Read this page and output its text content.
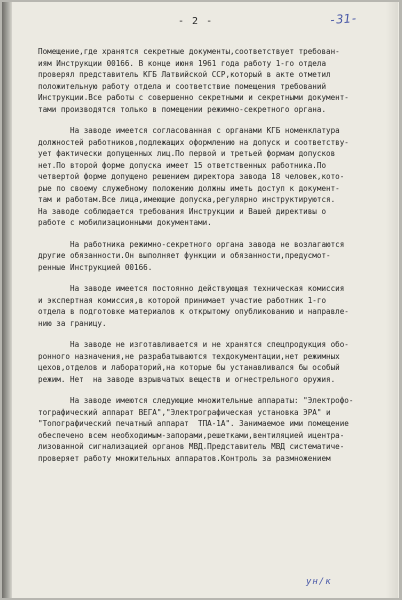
- 2 -	-31-
Помещение,где хранятся секретные документы,соответствует требован-
иям Инструкции 00166. В конце июня 1961 года работу 1-го отдела
проверял представитель КГБ Латвийской ССР,который в акте отметил
положительную работу отдела и соответствие помещения требований
Инструкции.Все работы с совершенно секретными и секретными документ-
тами производятся только в помещении режимно-секретного органа.
На заводе имеется согласованная с органами КГБ номенклатура
должностей работников,подлежащих оформлению на допуск и соответству-
ует фактически допущенных лиц.По первой и третьей формам допусков
нет.По второй форме допуска имеет 15 ответственных работника.По
четвертой форме допущено решением директора завода 18 человек,кото-
рые по своему служебному положению должны иметь доступ к документ-
там и работам.Все лица,имеющие допуска,регулярно инструктируются.
На заводе соблюдается требования Инструкции и Вашей директивы о
работе с мобилизационными документами.
На работника режимно-секретного органа завода не возлагаются
другие обязанности.Он выполняет функции и обязанности,предусмот-
ренные Инструкцией 00166.
На заводе имеется постоянно действующая техническая комиссия
и экспертная комиссия,в которой принимает участие работник 1-го
отдела в подготовке материалов к открытому опубликованию и направле-
нию за границу.
На заводе не изготавливается и не хранятся спецпродукция обо-
ронного назначения,не разрабатываются техдокументации,нет режимных
цехов,отделов и лабораторий,на которые бы устанавливался бы особый
режим. Нет  на заводе взрывчатых веществ и огнестрельного оружия.
На заводе имеются следующие множительные аппараты: "Электрофо-
тографический аппарат ВЕГА","Электрографическая установка ЭРА" и
"Топографический печатный аппарат  ТПА-1А". Занимаемое ими помещение
обеспечено всем необходимым-запорами,решетками,вентиляцией ицентра-
лизованной сигнализацией органов МВД.Представитель МВД систематиче-
проверяет работу множительных аппаратов.Контроль за размножением
ун/к
